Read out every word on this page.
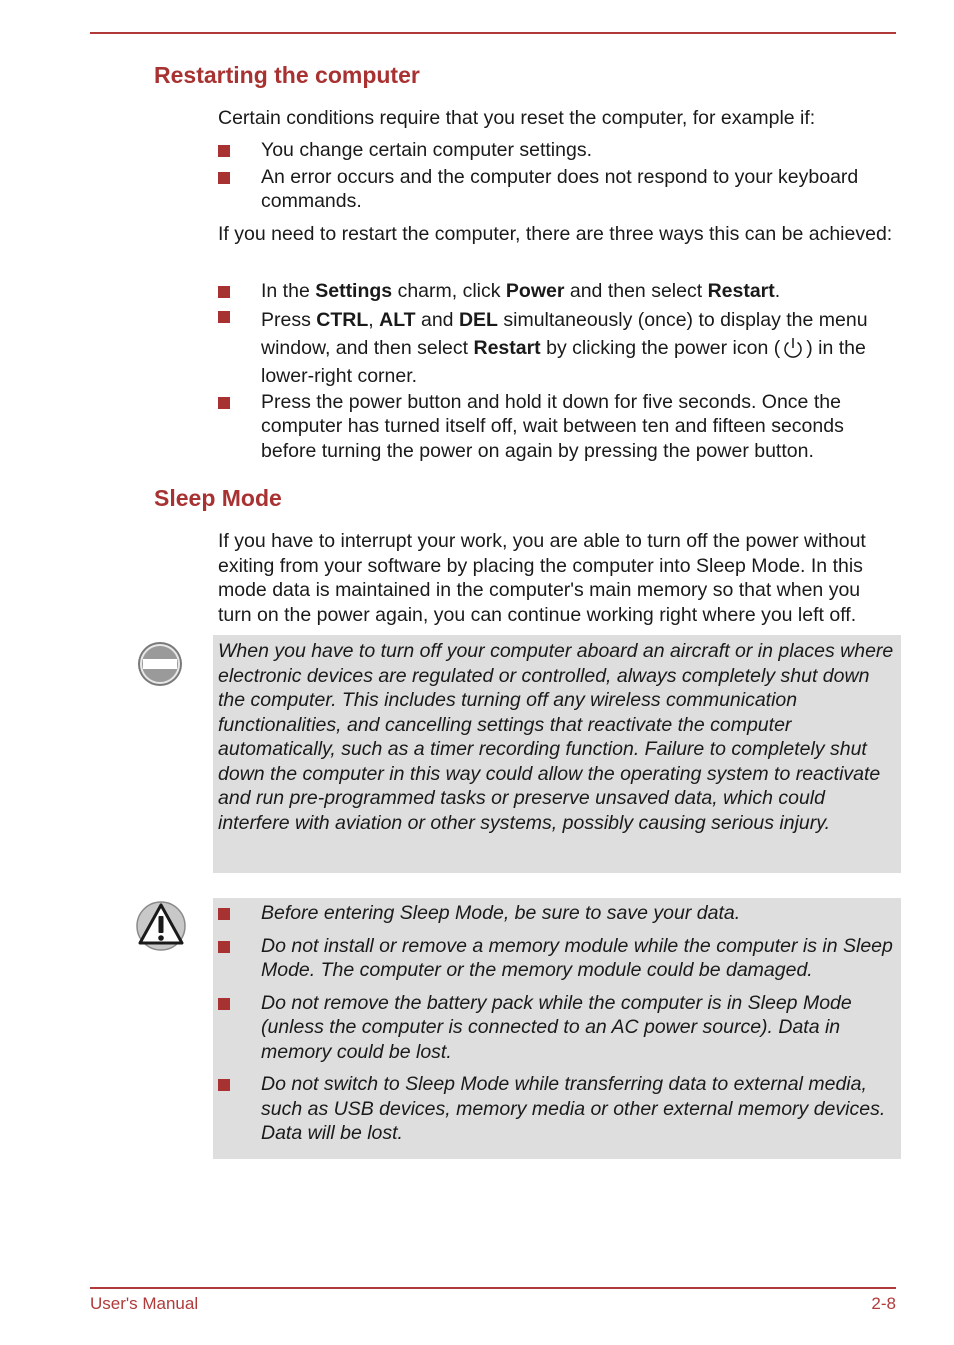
Restarting the computer

Certain conditions require that you reset the computer, for example if:

You change certain computer settings.
An error occurs and the computer does not respond to your keyboard commands.

If you need to restart the computer, there are three ways this can be achieved:

In the Settings charm, click Power and then select Restart.
Press CTRL, ALT and DEL simultaneously (once) to display the menu window, and then select Restart by clicking the power icon ( ) in the lower-right corner.
Press the power button and hold it down for five seconds. Once the computer has turned itself off, wait between ten and fifteen seconds before turning the power on again by pressing the power button.
Sleep Mode

If you have to interrupt your work, you are able to turn off the power without exiting from your software by placing the computer into Sleep Mode. In this mode data is maintained in the computer's main memory so that when you turn on the power again, you can continue working right where you left off.

When you have to turn off your computer aboard an aircraft or in places where electronic devices are regulated or controlled, always completely shut down the computer. This includes turning off any wireless communication functionalities, and cancelling settings that reactivate the computer automatically, such as a timer recording function. Failure to completely shut down the computer in this way could allow the operating system to reactivate and run pre-programmed tasks or preserve unsaved data, which could interfere with aviation or other systems, possibly causing serious injury.

Before entering Sleep Mode, be sure to save your data.
Do not install or remove a memory module while the computer is in Sleep Mode. The computer or the memory module could be damaged.
Do not remove the battery pack while the computer is in Sleep Mode (unless the computer is connected to an AC power source). Data in memory could be lost.
Do not switch to Sleep Mode while transferring data to external media, such as USB devices, memory media or other external memory devices. Data will be lost.
User's Manual	2-8
